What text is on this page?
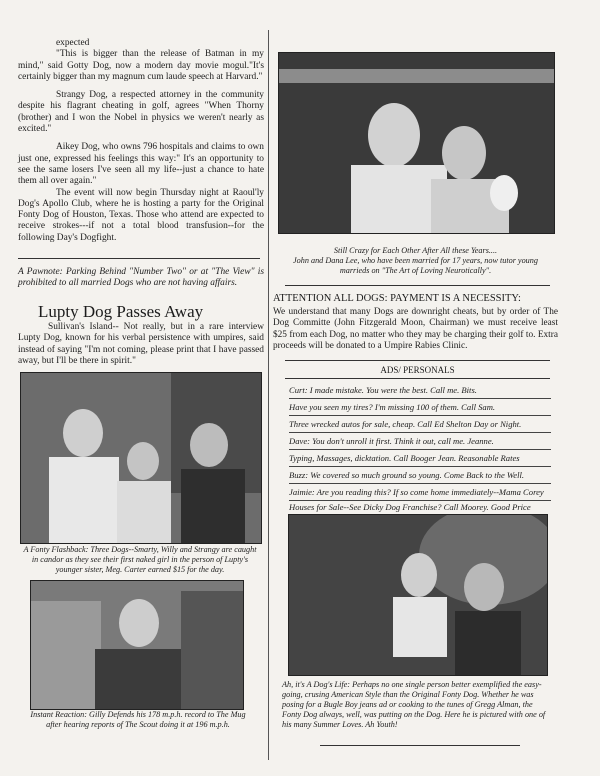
expected

"This is bigger than the release of Batman in my mind," said Gotty Dog, now a modern day movie mogul."It's certainly bigger than my magnum cum laude speech at Harvard."

Strangy Dog, a respected attorney in the community despite his flagrant cheating in golf, agrees "When Thorny (brother) and I won the Nobel in physics we weren't nearly as excited."

Aikey Dog, who owns 796 hospitals and claims to own just one, expressed his feelings this way:" It's an opportunity to see the same losers I've seen all my life--just a chance to hate them all over again."

The event will now begin Thursday night at Raoul'ly Dog's Apollo Club, where he is hosting a party for the Original Fonty Dog of Houston, Texas. Those who attend are expected to receive strokes---if not a total blood transfusion--for the following Day's Dogfight.

A Pawnote: Parking Behind "Number Two" or at "The View" is prohibited to all married Dogs who are not having affairs.
Lupty Dog Passes Away
Sullivan's Island-- Not really, but in a rare interview Lupty Dog, known for his verbal persistence with umpires, said instead of saying "I'm not coming, please print that I have passed away, but I'll be there in spirit."
A Fonty Flashback: Three Dogs--Smarty, Willy and Strangy are caught in candor as they see their first naked girl in the person of Lupty's younger sister, Meg. Carter earned $15 for the day.
Instant Reaction: Gilly Defends his 178 m.p.h. record to The Mug after hearing reports of The Scout doing it at 196 m.p.h.
Still Crazy for Each Other After All these Years....
John and Dana Lee, who have been married for 17 years, now tutor young marrieds on "The Art of Loving Neurotically".
ATTENTION ALL DOGS: PAYMENT IS A NECESSITY:
We understand that many Dogs are downright cheats, but by order of The Dog Committe (John Fitzgerald Moon, Chairman) we must receive least $25 from each Dog, no matter who they may be charging their golf to. Extra proceeds will be donated to a Umpire Rabies Clinic.
ADS/ PERSONALS
Curt: I made mistake. You were the best. Call me. Bits.
Have you seen my tires? I'm missing 100 of them. Call Sam.
Three wrecked autos for sale, cheap. Call Ed Shelton Day or Night.
Dave: You don't unroll it first. Think it out, call me. Jeanne.
Typing, Massages, dicktation. Call Booger Jean. Reasonable Rates
Buzz: We covered so much ground so young. Come Back to the Well.
Jaimie: Are you reading this? If so come home immediately--Mama Corey
Houses for Sale--See Dicky Dog Franchise? Call Moorey. Good Price
Ah, it's A Dog's Life: Perhaps no one single person better exemplified the easy-going, crusing American Style than the Original Fonty Dog. Whether he was posing for a Bugle Boy jeans ad or cooking to the tunes of Gregg Alman, the Fonty Dog always, well, was putting on the Dog. Here he is pictured with one of his many Summer Loves. Ah Youth!
